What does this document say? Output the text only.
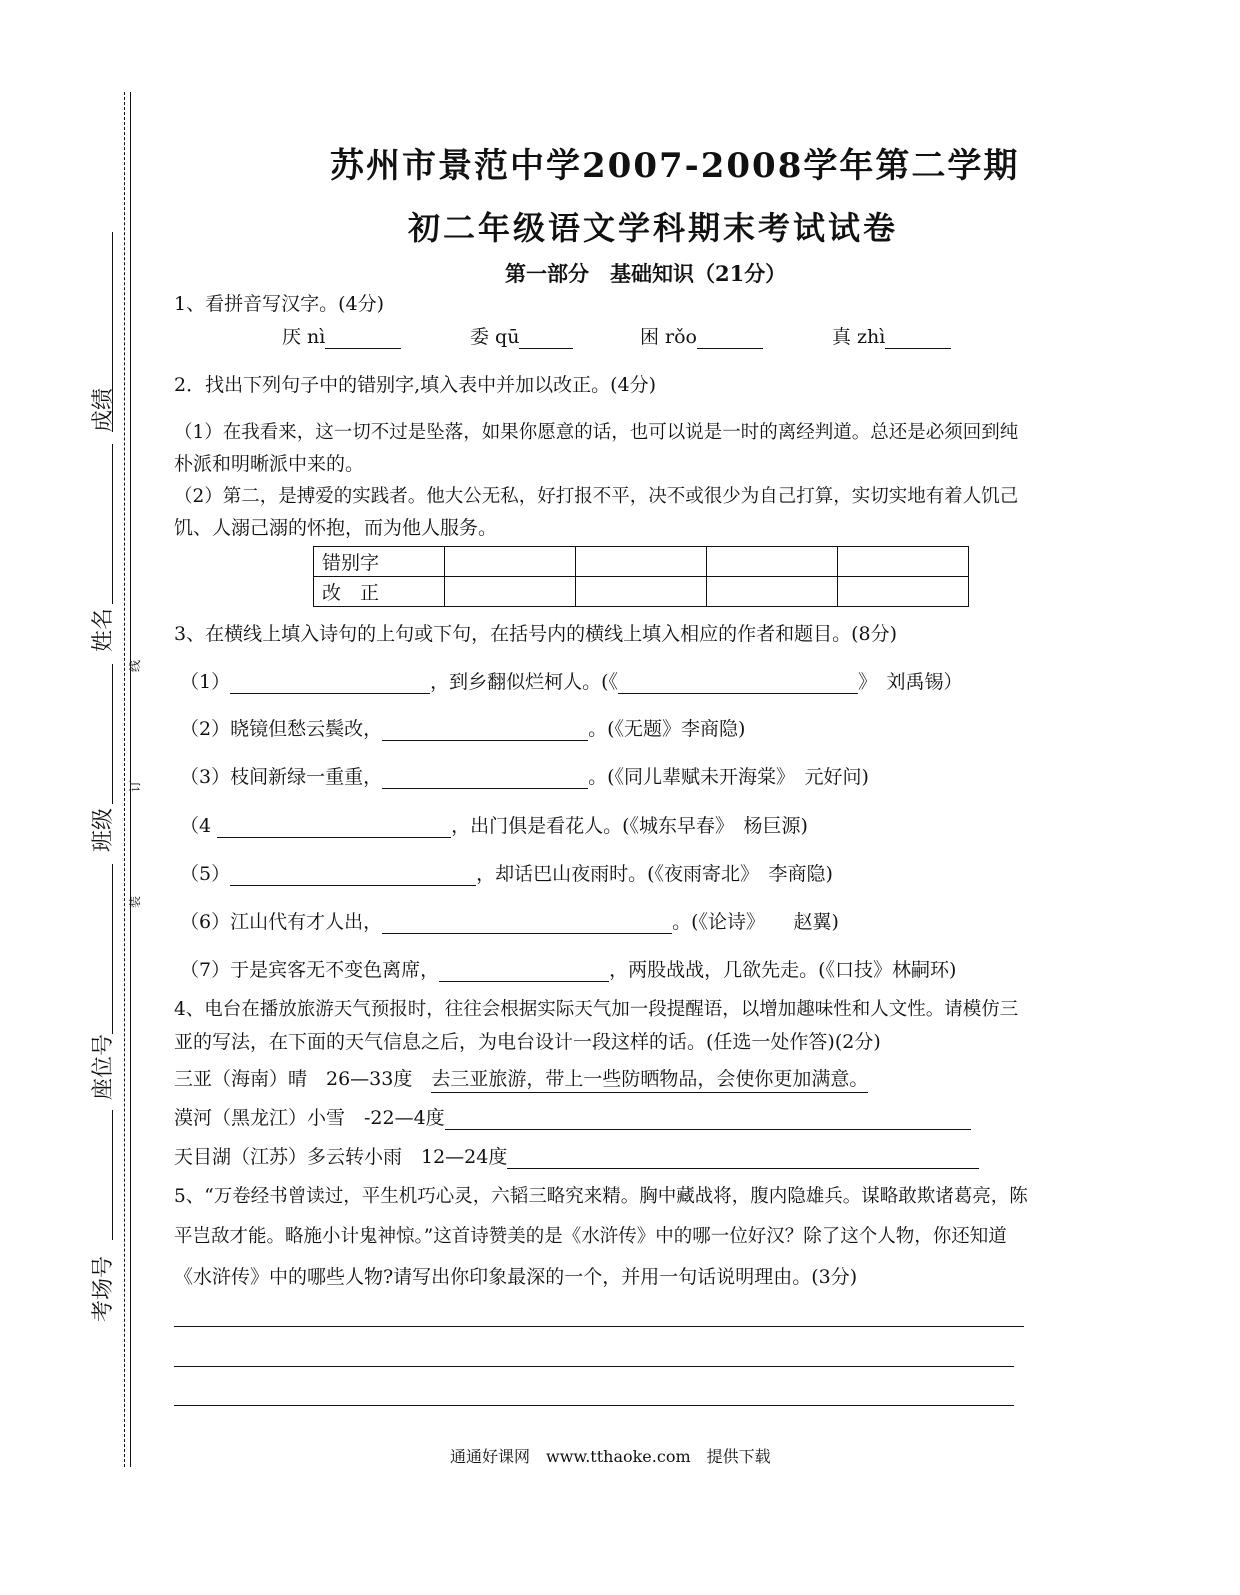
成绩
姓名
班级
座位号
考场号
线
订
装
苏州市景范中学2007-2008学年第二学期
初二年级语文学科期末考试试卷
第一部分　基础知识（21分）
1、看拼音写汉字。(4分)
厌 nì	委 qū	困 rǒo	真 zhì
2．找出下列句子中的错别字,填入表中并加以改正。(4分)
（1）在我看来，这一切不过是坠落，如果你愿意的话，也可以说是一时的离经判道。总还是必须回到纯
朴派和明晰派中来的。
（2）第二，是搏爱的实践者。他大公无私，好打报不平，决不或很少为自己打算，实切实地有着人饥己
饥、人溺己溺的怀抱，而为他人服务。
错别字				
改　正				
3、在横线上填入诗句的上句或下句，在括号内的横线上填入相应的作者和题目。(8分)
（1）	，到乡翻似烂柯人。(《	》　刘禹锡）
（2）晓镜但愁云鬓改，	。(《无题》李商隐)
（3）枝间新绿一重重，	。(《同儿辈赋未开海棠》　元好问)
（4	，出门俱是看花人。(《城东早春》　杨巨源)
（5）	，却话巴山夜雨时。(《夜雨寄北》　李商隐)
（6）江山代有才人出，	。(《论诗》　　赵翼)
（7）于是宾客无不变色离席，	，两股战战，几欲先走。(《口技》林嗣环)
4、电台在播放旅游天气预报时，往往会根据实际天气加一段提醒语，以增加趣味性和人文性。请模仿三
亚的写法，在下面的天气信息之后，为电台设计一段这样的话。(任选一处作答)(2分)
三亚（海南）晴　26—33度　去三亚旅游，带上一些防晒物品，会使你更加满意。
漠河（黑龙江）小雪　-22—4度
天目湖（江苏）多云转小雨　12—24度
5、“万卷经书曾读过，平生机巧心灵，六韬三略究来精。胸中藏战将，腹内隐雄兵。谋略敢欺诸葛亮，陈
平岂敌才能。略施小计鬼神惊。”这首诗赞美的是《水浒传》中的哪一位好汉？除了这个人物，你还知道
《水浒传》中的哪些人物?请写出你印象最深的一个，并用一句话说明理由。(3分)
通通好课网　www.tthaoke.com　提供下载
